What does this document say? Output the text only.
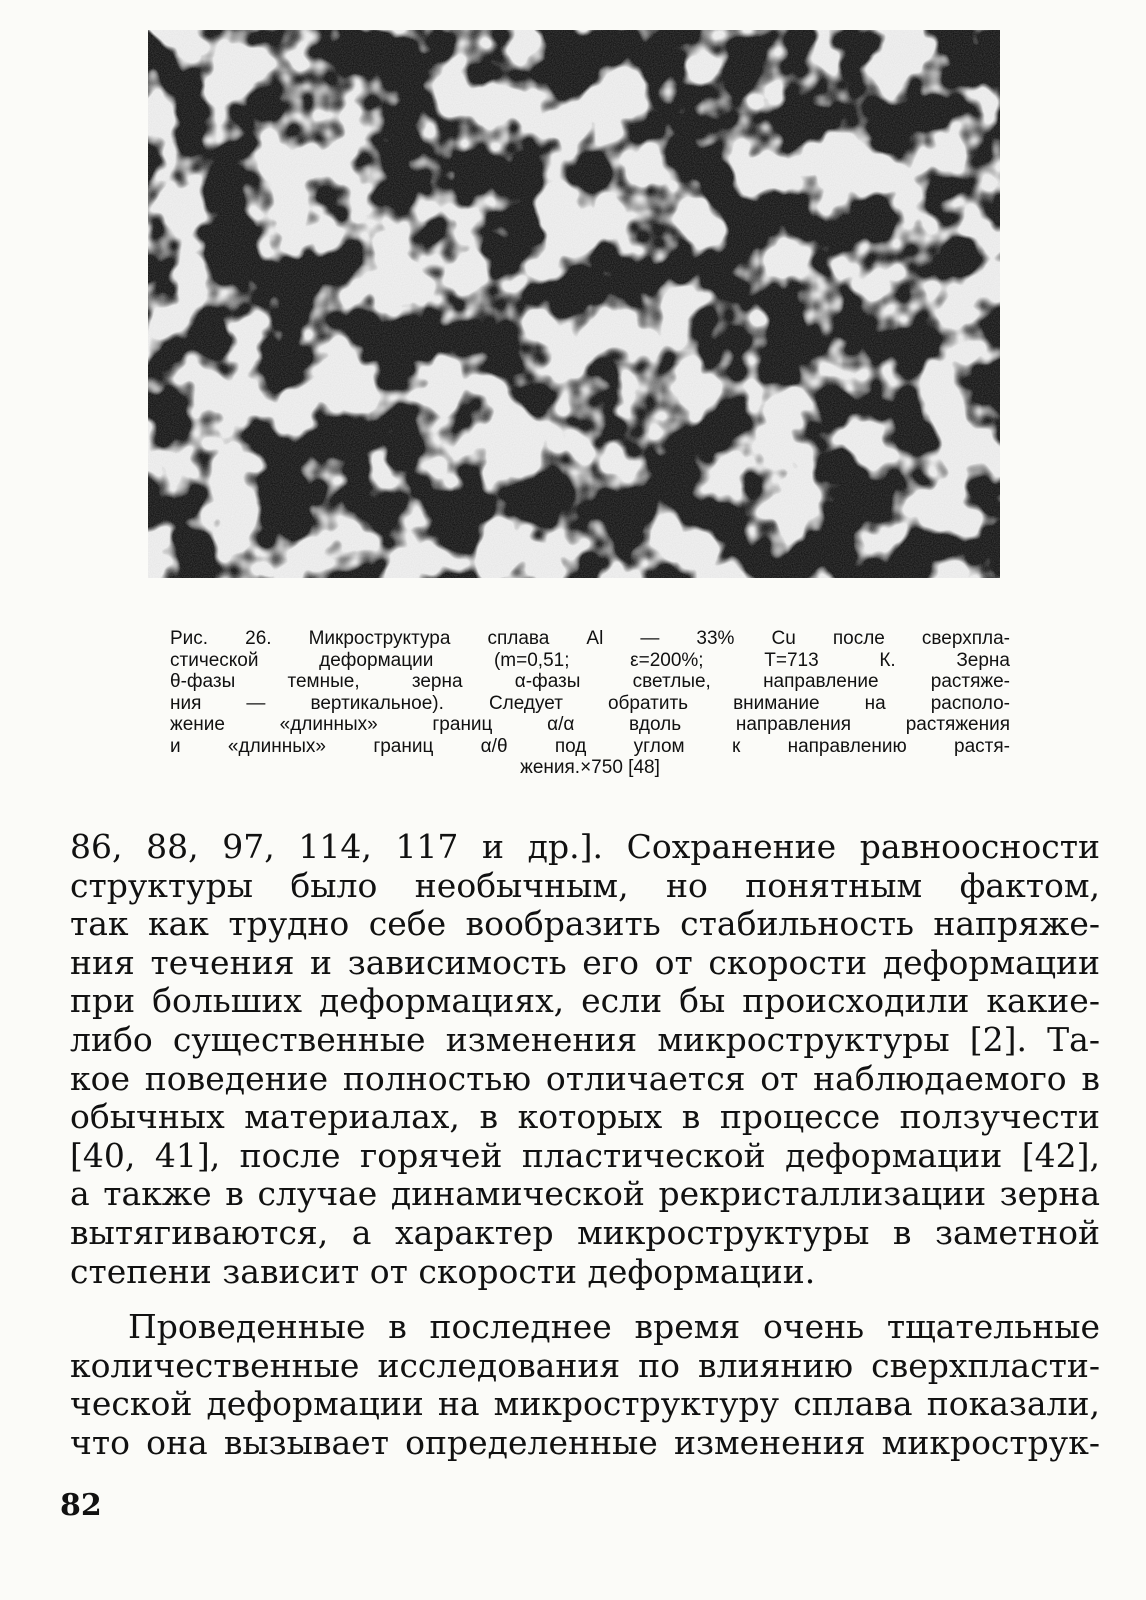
Рис. 26. Микроструктура сплава Al — 33% Cu после сверхпла-
стической деформации (m=0,51; ε=200%; T=713 К. Зерна
θ-фазы темные, зерна α-фазы светлые, направление растяже-
ния — вертикальное). Следует обратить внимание на располо-
жение «длинных» границ α/α вдоль направления растяжения
и «длинных» границ α/θ под углом к направлению растя-
жения.×750 [48]
86, 88, 97, 114, 117 и др.]. Сохранение равноосности
структуры было необычным, но понятным фактом,
так как трудно себе вообразить стабильность напряже-
ния течения и зависимость его от скорости деформации
при больших деформациях, если бы происходили какие-
либо существенные изменения микроструктуры [2]. Та-
кое поведение полностью отличается от наблюдаемого в
обычных материалах, в которых в процессе ползучести
[40, 41], после горячей пластической деформации [42],
а также в случае динамической рекристаллизации зерна
вытягиваются, а характер микроструктуры в заметной
степени зависит от скорости деформации.
Проведенные в последнее время очень тщательные
количественные исследования по влиянию сверхпласти-
ческой деформации на микроструктуру сплава показали,
что она вызывает определенные изменения микрострук-
82
